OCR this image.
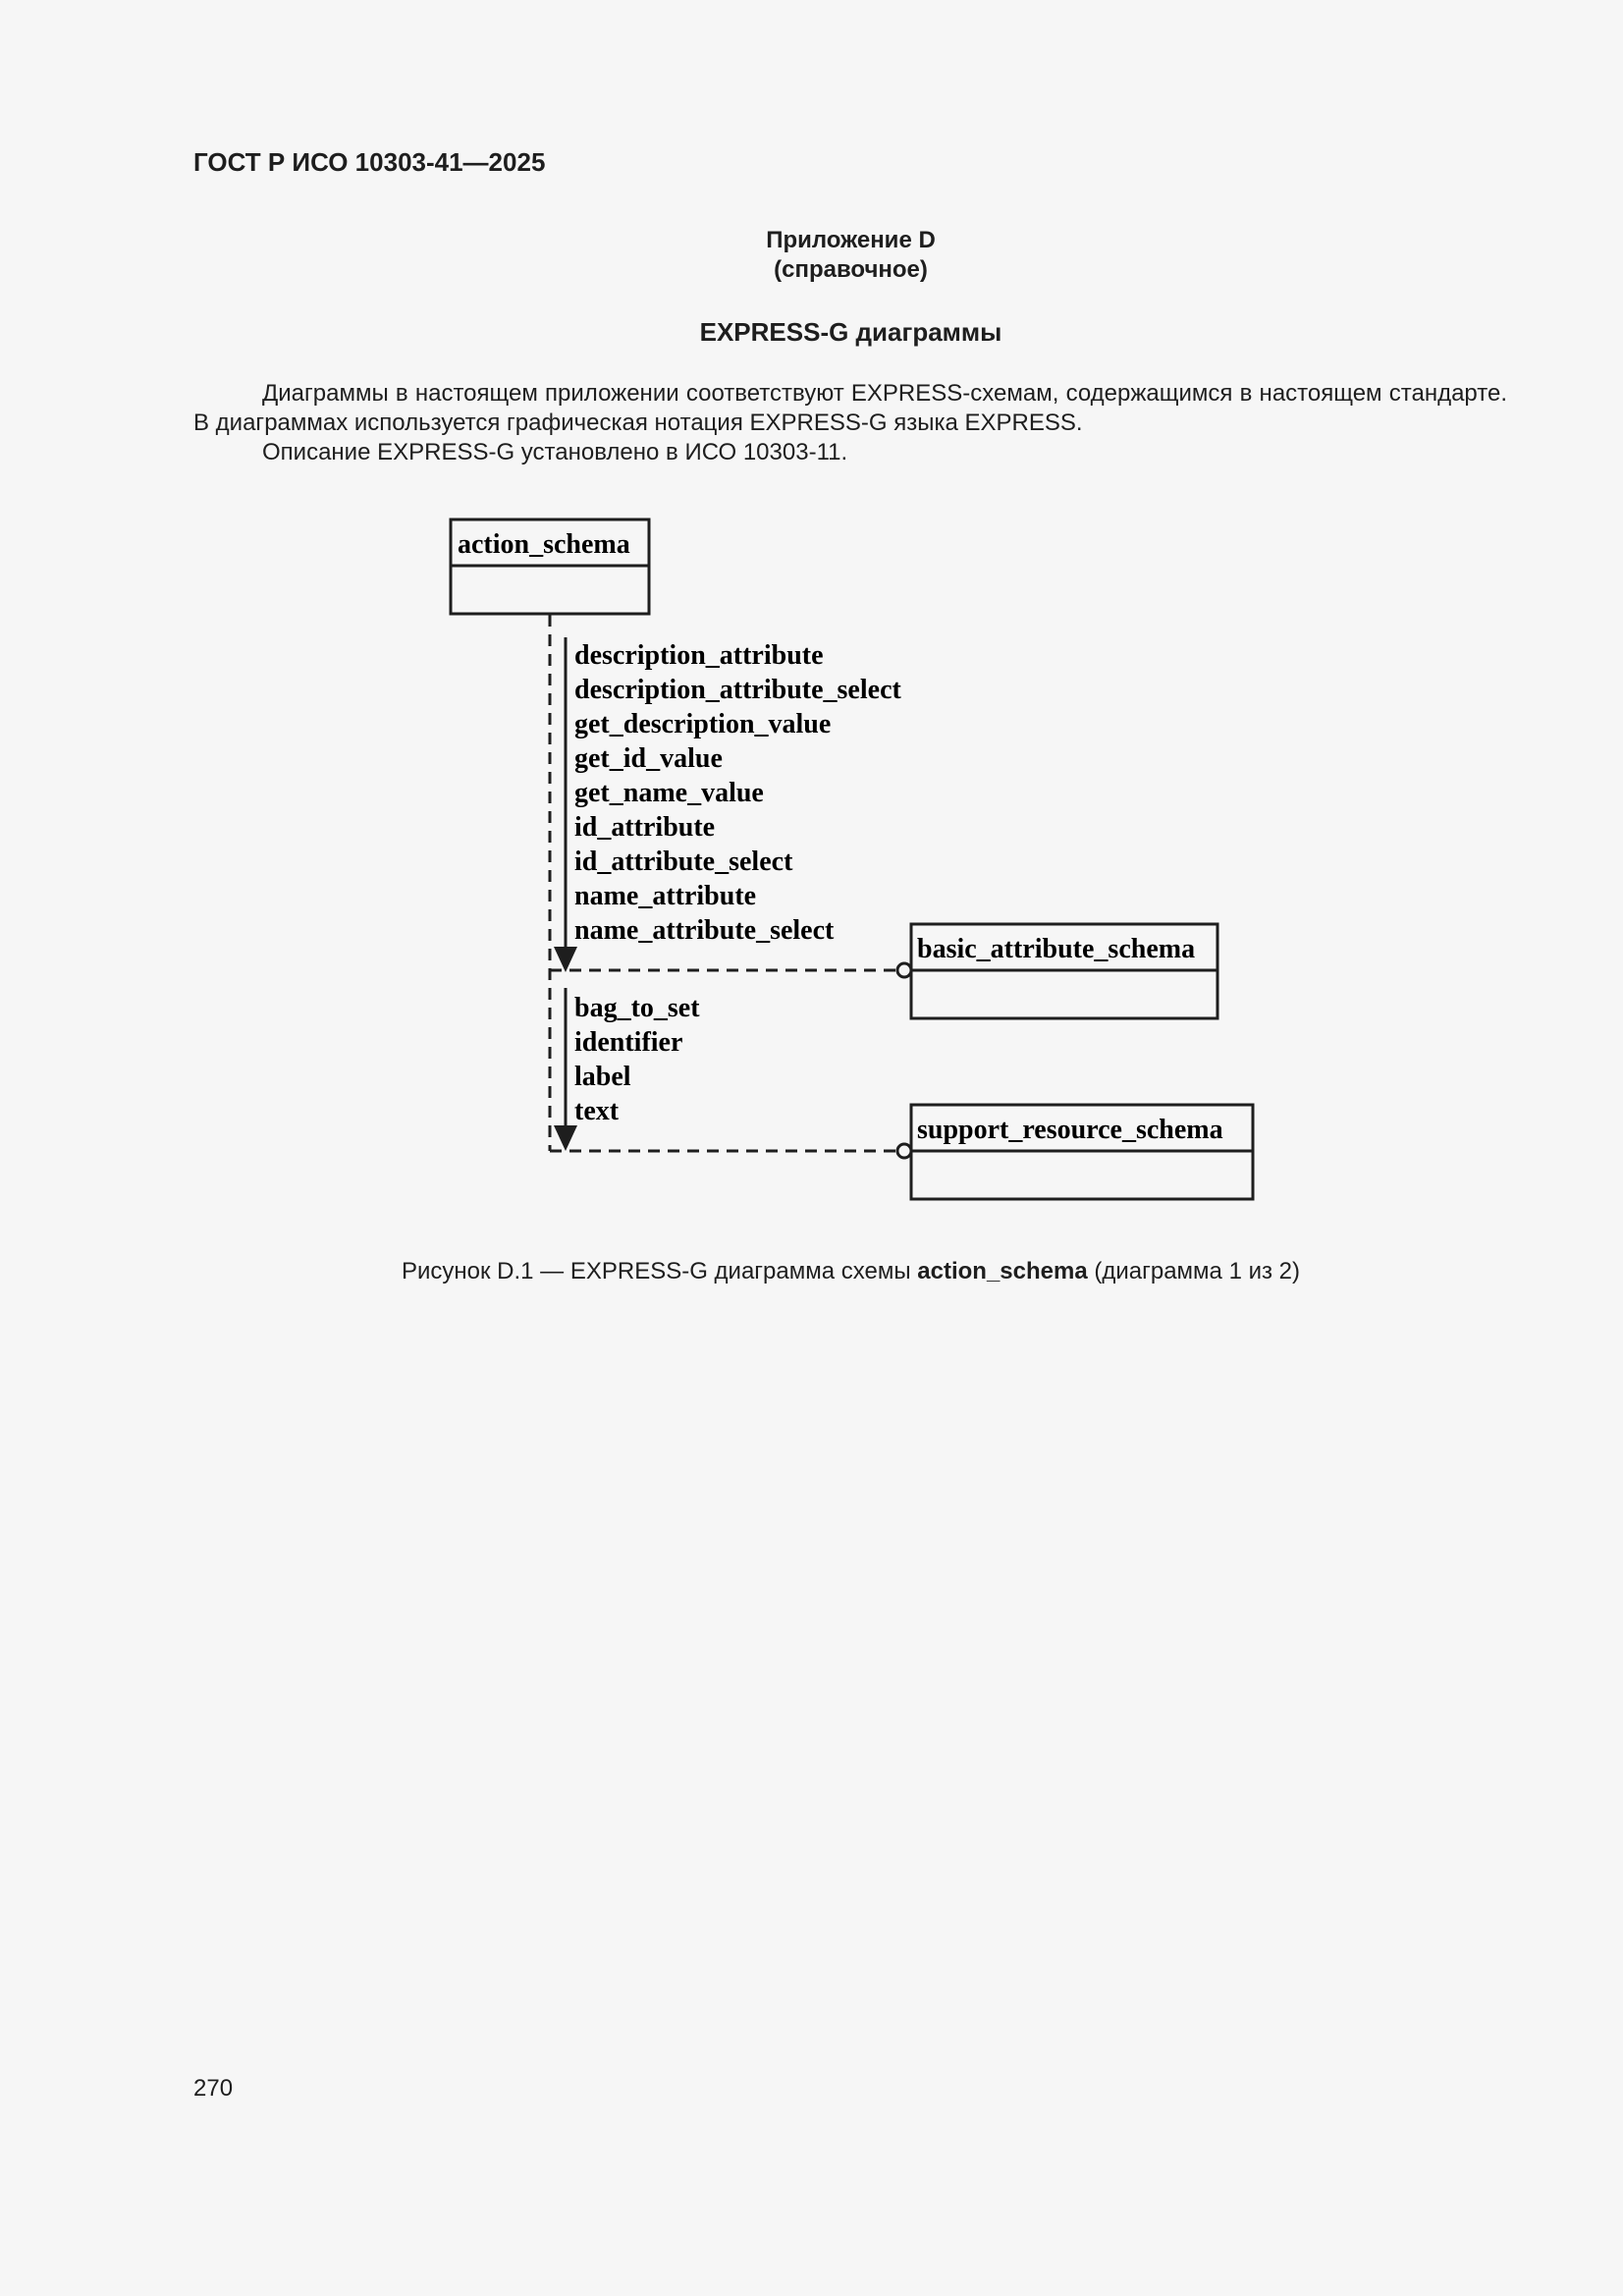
ГОСТ Р ИСО 10303-41—2025
Приложение D
(справочное)
EXPRESS-G диаграммы
Диаграммы в настоящем приложении соответствуют EXPRESS-схемам, содержащимся в настоящем стандарте. В диаграммах используется графическая нотация EXPRESS-G языка EXPRESS.
Описание EXPRESS-G установлено в ИСО 10303-11.
action_schema
description_attribute
description_attribute_select
get_description_value
get_id_value
get_name_value
id_attribute
id_attribute_select
name_attribute
name_attribute_select
basic_attribute_schema
bag_to_set
identifier
label
text
support_resource_schema
Рисунок D.1 — EXPRESS-G диаграмма схемы action_schema (диаграмма 1 из 2)
270
